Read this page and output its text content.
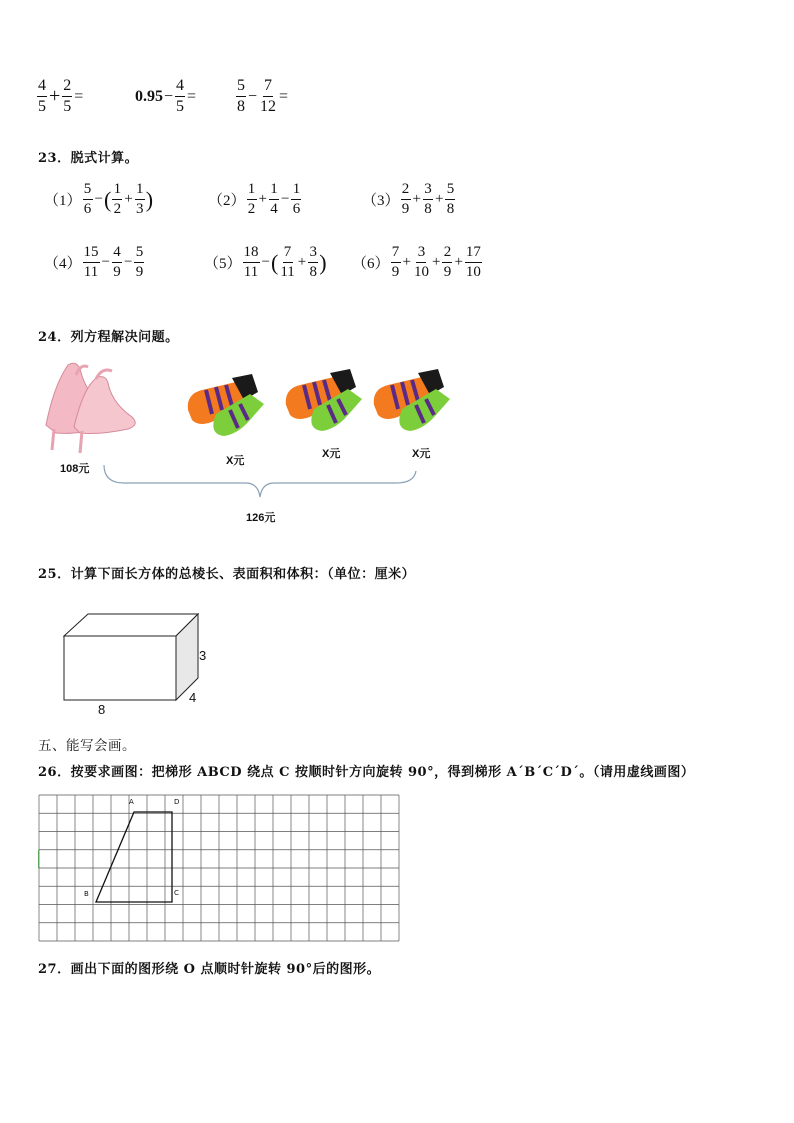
$\frac{4}{5} + \frac{2}{5}$ =	$0.95 - \frac{4}{5} = \frac{5}{8} - \frac{7}{12}$ =
23．脱式计算。
$(1) \frac{5}{6}$ − ( $\frac{1}{2} + \frac{1}{3}$ )	$(2) \frac{1}{2} + \frac{1}{4} - \frac{1}{6}$	$(3) \frac{2}{9} + \frac{3}{8} + \frac{5}{8}$
$(4) \frac{15}{11} - \frac{4}{9} - \frac{5}{9}$	$(5) \frac{18}{11}$ − ( $\frac{7}{11} + \frac{3}{8}$ ) $(6) \frac{7}{9} + \frac{3}{10} + \frac{2}{9} + \frac{17}{10}$
24．列方程解决问题。
108元
X元
X元	X元
126元
25．计算下面长方体的总棱长、表面积和体积：（单位：厘米）
8
3
4
五、能写会画。
26．按要求画图：把梯形 ABCD 绕点 C 按顺时针方向旋转 90°，得到梯形 A΄B΄C΄D΄。（请用虚线画图）
A	D
B	C
27．画出下面的图形绕 O 点顺时针旋转 90°后的图形。
